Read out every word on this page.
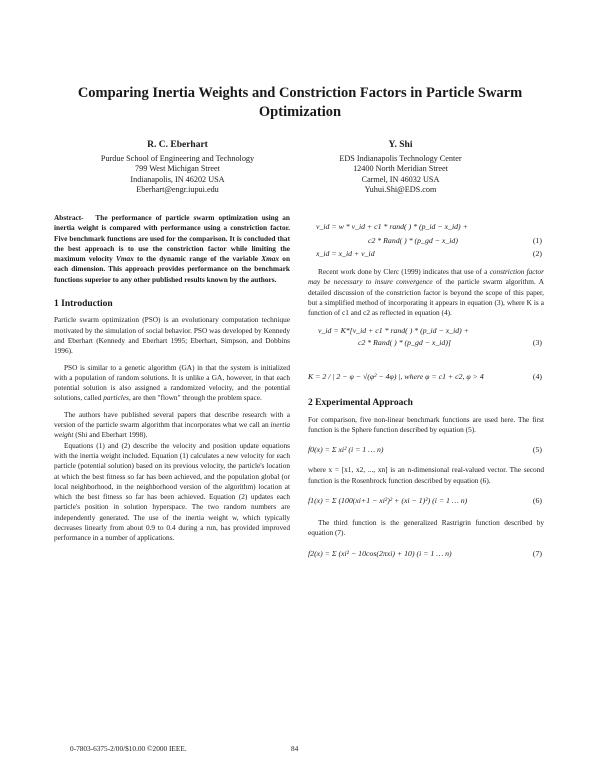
Comparing Inertia Weights and Constriction Factors in Particle Swarm Optimization
R. C. Eberhart
Purdue School of Engineering and Technology
799 West Michigan Street
Indianapolis, IN 46202 USA
Eberhart@engr.iupui.edu
Y. Shi
EDS Indianapolis Technology Center
12400 North Meridian Street
Carmel, IN 46032 USA
Yuhui.Shi@EDS.com

Abstract- The performance of particle swarm optimization using an inertia weight is compared with performance using a constriction factor. Five benchmark functions are used for the comparison. It is concluded that the best approach is to use the constriction factor while limiting the maximum velocity Vmax to the dynamic range of the variable Xmax on each dimension. This approach provides performance on the benchmark functions superior to any other published results known by the authors.

1 Introduction

Particle swarm optimization (PSO) is an evolutionary computation technique motivated by the simulation of social behavior. PSO was developed by Kennedy and Eberhart (Kennedy and Eberhart 1995; Eberhart, Simpson, and Dobbins 1996).

PSO is similar to a genetic algorithm (GA) in that the system is initialized with a population of random solutions. It is unlike a GA, however, in that each potential solution is also assigned a randomized velocity, and the potential solutions, called particles, are then "flown" through the problem space.

The authors have published several papers that describe research with a version of the particle swarm algorithm that incorporates what we call an inertia weight (Shi and Eberhart 1998).

Equations (1) and (2) describe the velocity and position update equations with the inertia weight included. Equation (1) calculates a new velocity for each particle (potential solution) based on its previous velocity, the particle's location at which the best fitness so far has been achieved, and the population global (or local neighborhood, in the neighborhood version of the algorithm) location at which the best fitness so far has been achieved. Equation (2) updates each particle's position in solution hyperspace. The two random numbers are independently generated. The use of the inertia weight w, which typically decreases linearly from about 0.9 to 0.4 during a run, has provided improved performance in a number of applications.

v_id = w * v_id + c1 * rand( ) * (p_id − x_id) +
c2 * Rand( ) * (p_gd − x_id)	(1)
x_id = x_id + v_id	(2)

Recent work done by Clerc (1999) indicates that use of a constriction factor may be necessary to insure convergence of the particle swarm algorithm. A detailed discussion of the constriction factor is beyond the scope of this paper, but a simplified method of incorporating it appears in equation (3), where K is a function of c1 and c2 as reflected in equation (4).

v_id = K*[v_id + c1 * rand( ) * (p_id − x_id) +
c2 * Rand( ) * (p_gd − x_id)]	(3)
K = 2 / | 2 − φ − √(φ² − 4φ) |, where φ = c1 + c2, φ > 4	(4)
2 Experimental Approach

For comparison, five non-linear benchmark functions are used here. The first function is the Sphere function described by equation (5).

f0(x) = Σ xi² (i = 1 … n)	(5)

where x = [x1, x2, ..., xn] is an n-dimensional real-valued vector. The second function is the Rosenbrock function described by equation (6).

f1(x) = Σ (100(xi+1 − xi²)² + (xi − 1)²) (i = 1 … n)	(6)

The third function is the generalized Rastrigrin function described by equation (7).

f2(x) = Σ (xi² − 10cos(2πxi) + 10) (i = 1 … n)	(7)
0-7803-6375-2/00/$10.00 ©2000 IEEE.	84
